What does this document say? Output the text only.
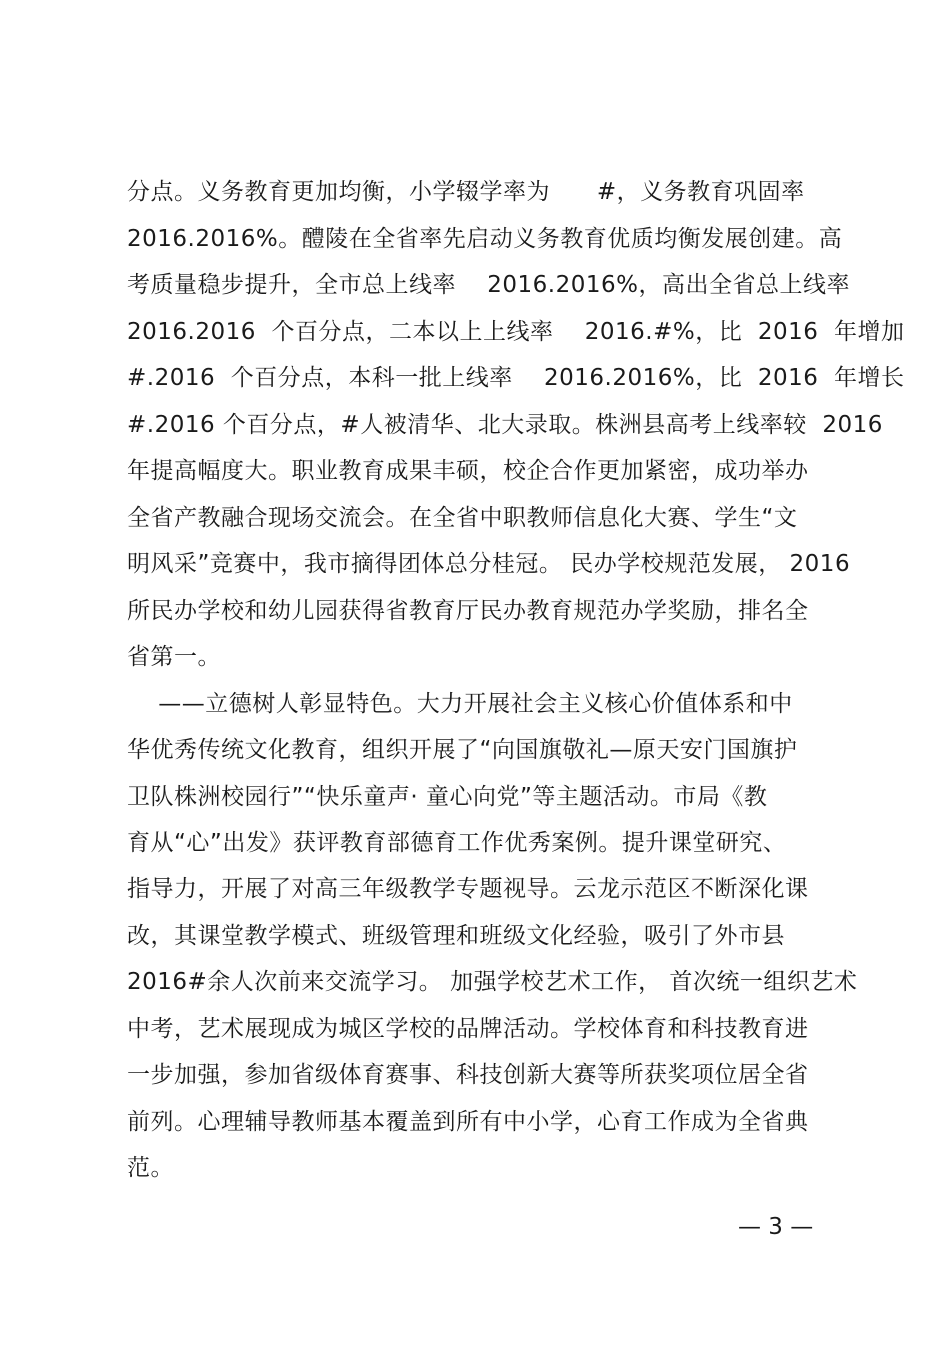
分点。义务教育更加均衡，小学辍学率为      #，义务教育巩固率
2016.2016%。醴陵在全省率先启动义务教育优质均衡发展创建。高
考质量稳步提升，全市总上线率    2016.2016%，高出全省总上线率
2016.2016  个百分点，二本以上上线率    2016.#%，比  2016  年增加
#.2016  个百分点，本科一批上线率    2016.2016%，比  2016  年增长
#.2016 个百分点，#人被清华、北大录取。株洲县高考上线率较  2016
年提高幅度大。职业教育成果丰硕，校企合作更加紧密，成功举办
全省产教融合现场交流会。在全省中职教师信息化大赛、学生“文
明风采”竞赛中，我市摘得团体总分桂冠。 民办学校规范发展， 2016
所民办学校和幼儿园获得省教育厅民办教育规范办学奖励，排名全
省第一。
——立德树人彰显特色。大力开展社会主义核心价值体系和中
华优秀传统文化教育，组织开展了“向国旗敬礼—原天安门国旗护
卫队株洲校园行”“快乐童声· 童心向党”等主题活动。市局《教
育从“心”出发》获评教育部德育工作优秀案例。提升课堂研究、
指导力，开展了对高三年级教学专题视导。云龙示范区不断深化课
改，其课堂教学模式、班级管理和班级文化经验，吸引了外市县
2016#余人次前来交流学习。 加强学校艺术工作， 首次统一组织艺术
中考，艺术展现成为城区学校的品牌活动。学校体育和科技教育进
一步加强，参加省级体育赛事、科技创新大赛等所获奖项位居全省
前列。心理辅导教师基本覆盖到所有中小学，心育工作成为全省典
范。
— 3 —
